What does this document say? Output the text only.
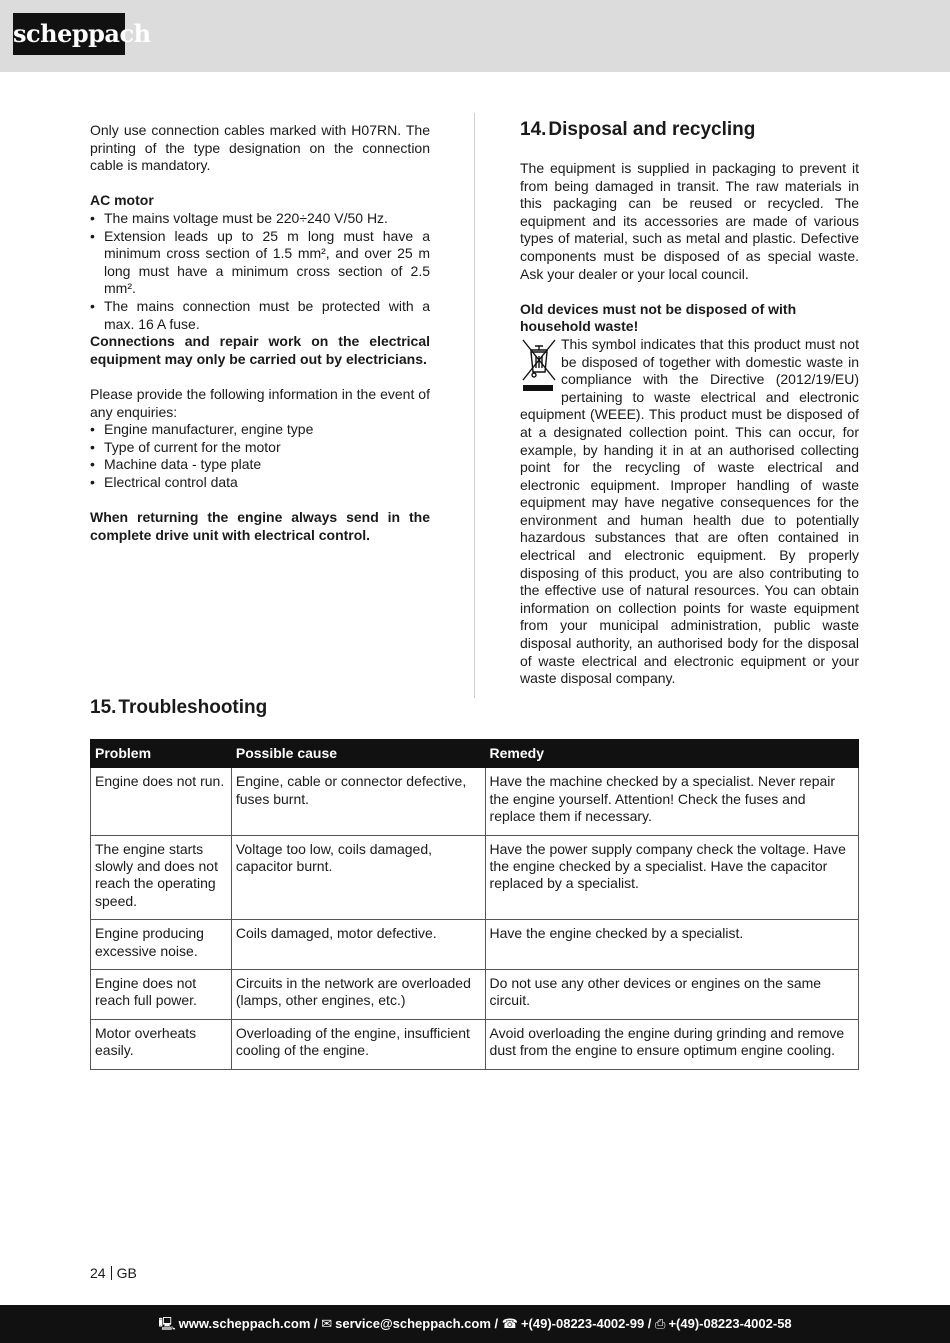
scheppach

Only use connection cables marked with H07RN. The printing of the type designation on the connection cable is mandatory.

AC motor

• The mains voltage must be 220÷240 V/50 Hz.
• Extension leads up to 25 m long must have a minimum cross section of 1.5 mm², and over 25 m long must have a minimum cross section of 2.5 mm².
• The mains connection must be protected with a max. 16 A fuse.

Connections and repair work on the electrical equipment may only be carried out by electricians.

Please provide the following information in the event of any enquiries:

• Engine manufacturer, engine type
• Type of current for the motor
• Machine data - type plate
• Electrical control data

When returning the engine always send in the complete drive unit with electrical control.

14. Disposal and recycling

The equipment is supplied in packaging to prevent it from being damaged in transit. The raw materials in this packaging can be reused or recycled. The equipment and its accessories are made of various types of material, such as metal and plastic. Defective components must be disposed of as special waste. Ask your dealer or your local council.

Old devices must not be disposed of with household waste!

This symbol indicates that this product must not be disposed of together with domestic waste in compliance with the Directive (2012/19/EU) pertaining to waste electrical and electronic equipment (WEEE). This product must be disposed of at a designated collection point. This can occur, for example, by handing it in at an authorised collecting point for the recycling of waste electrical and electronic equipment. Improper handling of waste equipment may have negative consequences for the environment and human health due to potentially hazardous substances that are often contained in electrical and electronic equipment. By properly disposing of this product, you are also contributing to the effective use of natural resources. You can obtain information on collection points for waste equipment from your municipal administration, public waste disposal authority, an authorised body for the disposal of waste electrical and electronic equipment or your waste disposal company.

15. Troubleshooting
Problem	Possible cause	Remedy
Engine does not run.	Engine, cable or connector defective, fuses burnt.	Have the machine checked by a specialist. Never repair the engine yourself. Attention! Check the fuses and replace them if necessary.
The engine starts slowly and does not reach the operating speed.	Voltage too low, coils damaged, capacitor burnt.	Have the power supply company check the voltage. Have the engine checked by a specialist. Have the capacitor replaced by a specialist.
Engine producing excessive noise.	Coils damaged, motor defective.	Have the engine checked by a specialist.
Engine does not reach full power.	Circuits in the network are overloaded (lamps, other engines, etc.)	Do not use any other devices or engines on the same circuit.
Motor overheats easily.	Overloading of the engine, insufficient cooling of the engine.	Avoid overloading the engine during grinding and remove dust from the engine to ensure optimum engine cooling.
24 GB
🖳 www.scheppach.com / ✉ service@scheppach.com / ☎ +(49)-08223-4002-99 / ⎙ +(49)-08223-4002-58
